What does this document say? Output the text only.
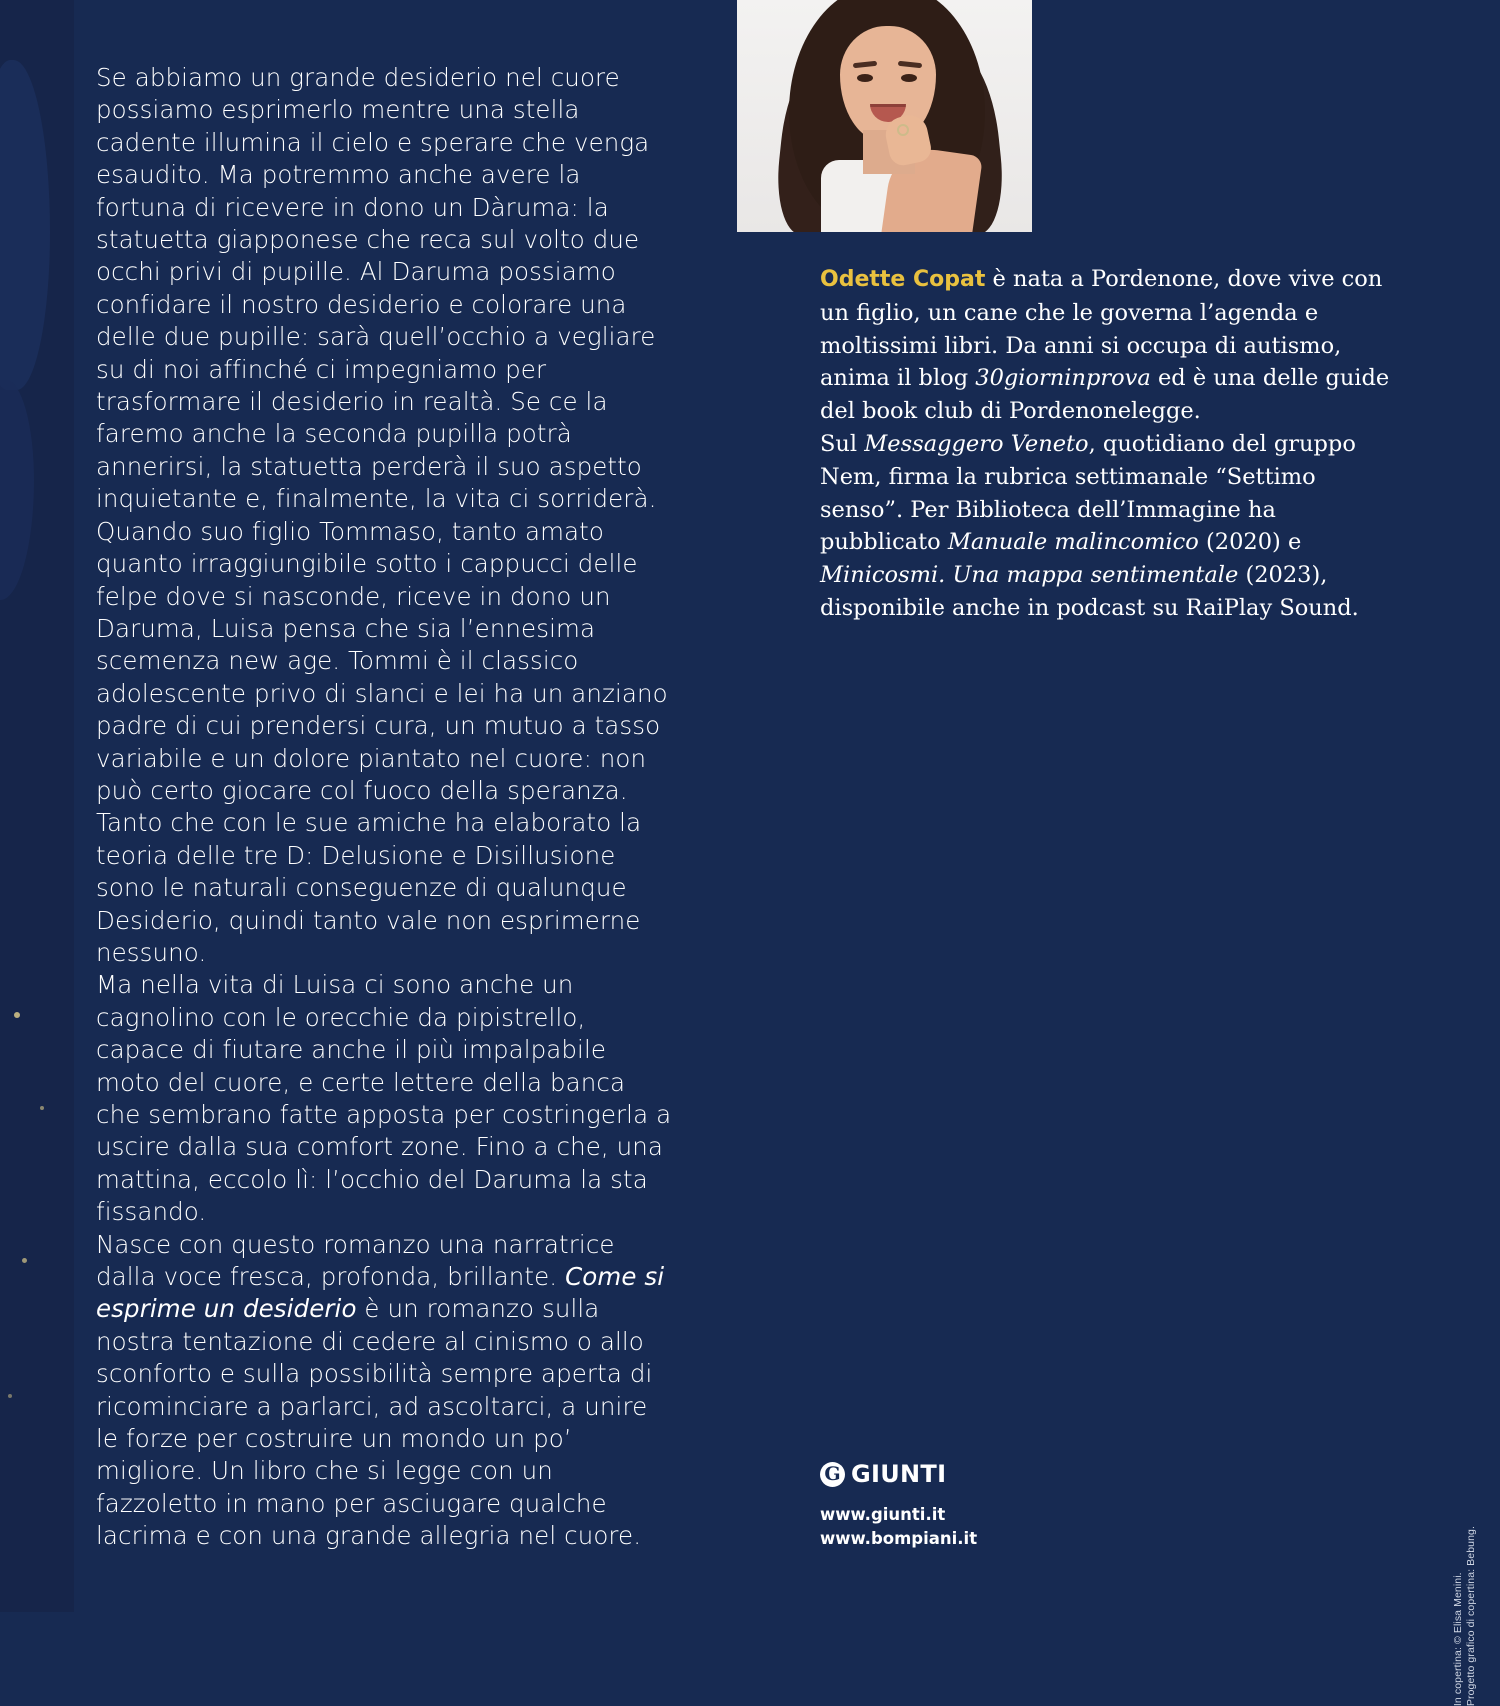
Se abbiamo un grande desiderio nel cuore possiamo esprimerlo mentre una stella cadente illumina il cielo e sperare che venga esaudito. Ma potremmo anche avere la fortuna di ricevere in dono un Dàruma: la statuetta giapponese che reca sul volto due occhi privi di pupille. Al Daruma possiamo confidare il nostro desiderio e colorare una delle due pupille: sarà quell’occhio a vegliare su di noi affinché ci impegniamo per trasformare il desiderio in realtà. Se ce la faremo anche la seconda pupilla potrà annerirsi, la statuetta perderà il suo aspetto inquietante e, finalmente, la vita ci sorriderà.

Quando suo figlio Tommaso, tanto amato quanto irraggiungibile sotto i cappucci delle felpe dove si nasconde, riceve in dono un Daruma, Luisa pensa che sia l’ennesima scemenza new age. Tommi è il classico adolescente privo di slanci e lei ha un anziano padre di cui prendersi cura, un mutuo a tasso variabile e un dolore piantato nel cuore: non può certo giocare col fuoco della speranza. Tanto che con le sue amiche ha elaborato la teoria delle tre D: Delusione e Disillusione sono le naturali conseguenze di qualunque Desiderio, quindi tanto vale non esprimerne nessuno.

Ma nella vita di Luisa ci sono anche un cagnolino con le orecchie da pipistrello, capace di fiutare anche il più impalpabile moto del cuore, e certe lettere della banca che sembrano fatte apposta per costringerla a uscire dalla sua comfort zone. Fino a che, una mattina, eccolo lì: l’occhio del Daruma la sta fissando.

Nasce con questo romanzo una narratrice dalla voce fresca, profonda, brillante. Come si esprime un desiderio è un romanzo sulla nostra tentazione di cedere al cinismo o allo sconforto e sulla possibilità sempre aperta di ricominciare a parlarci, ad ascoltarci, a unire le forze per costruire un mondo un po’ migliore. Un libro che si legge con un fazzoletto in mano per asciugare qualche lacrima e con una grande allegria nel cuore.

Odette Copat è nata a Pordenone, dove vive con un figlio, un cane che le governa l’agenda e moltissimi libri. Da anni si occupa di autismo, anima il blog 30giorninprova ed è una delle guide del book club di Pordenonelegge.

Sul Messaggero Veneto, quotidiano del gruppo Nem, firma la rubrica settimanale “Settimo senso”. Per Biblioteca dell’Immagine ha pubblicato Manuale malincomico (2020) e Minicosmi. Una mappa sentimentale (2023), disponibile anche in podcast su RaiPlay Sound.

G GIUNTI
www.giunti.it
www.bompiani.it
In copertina: © Elisa Menini. Progetto grafico di copertina: Bebung.
